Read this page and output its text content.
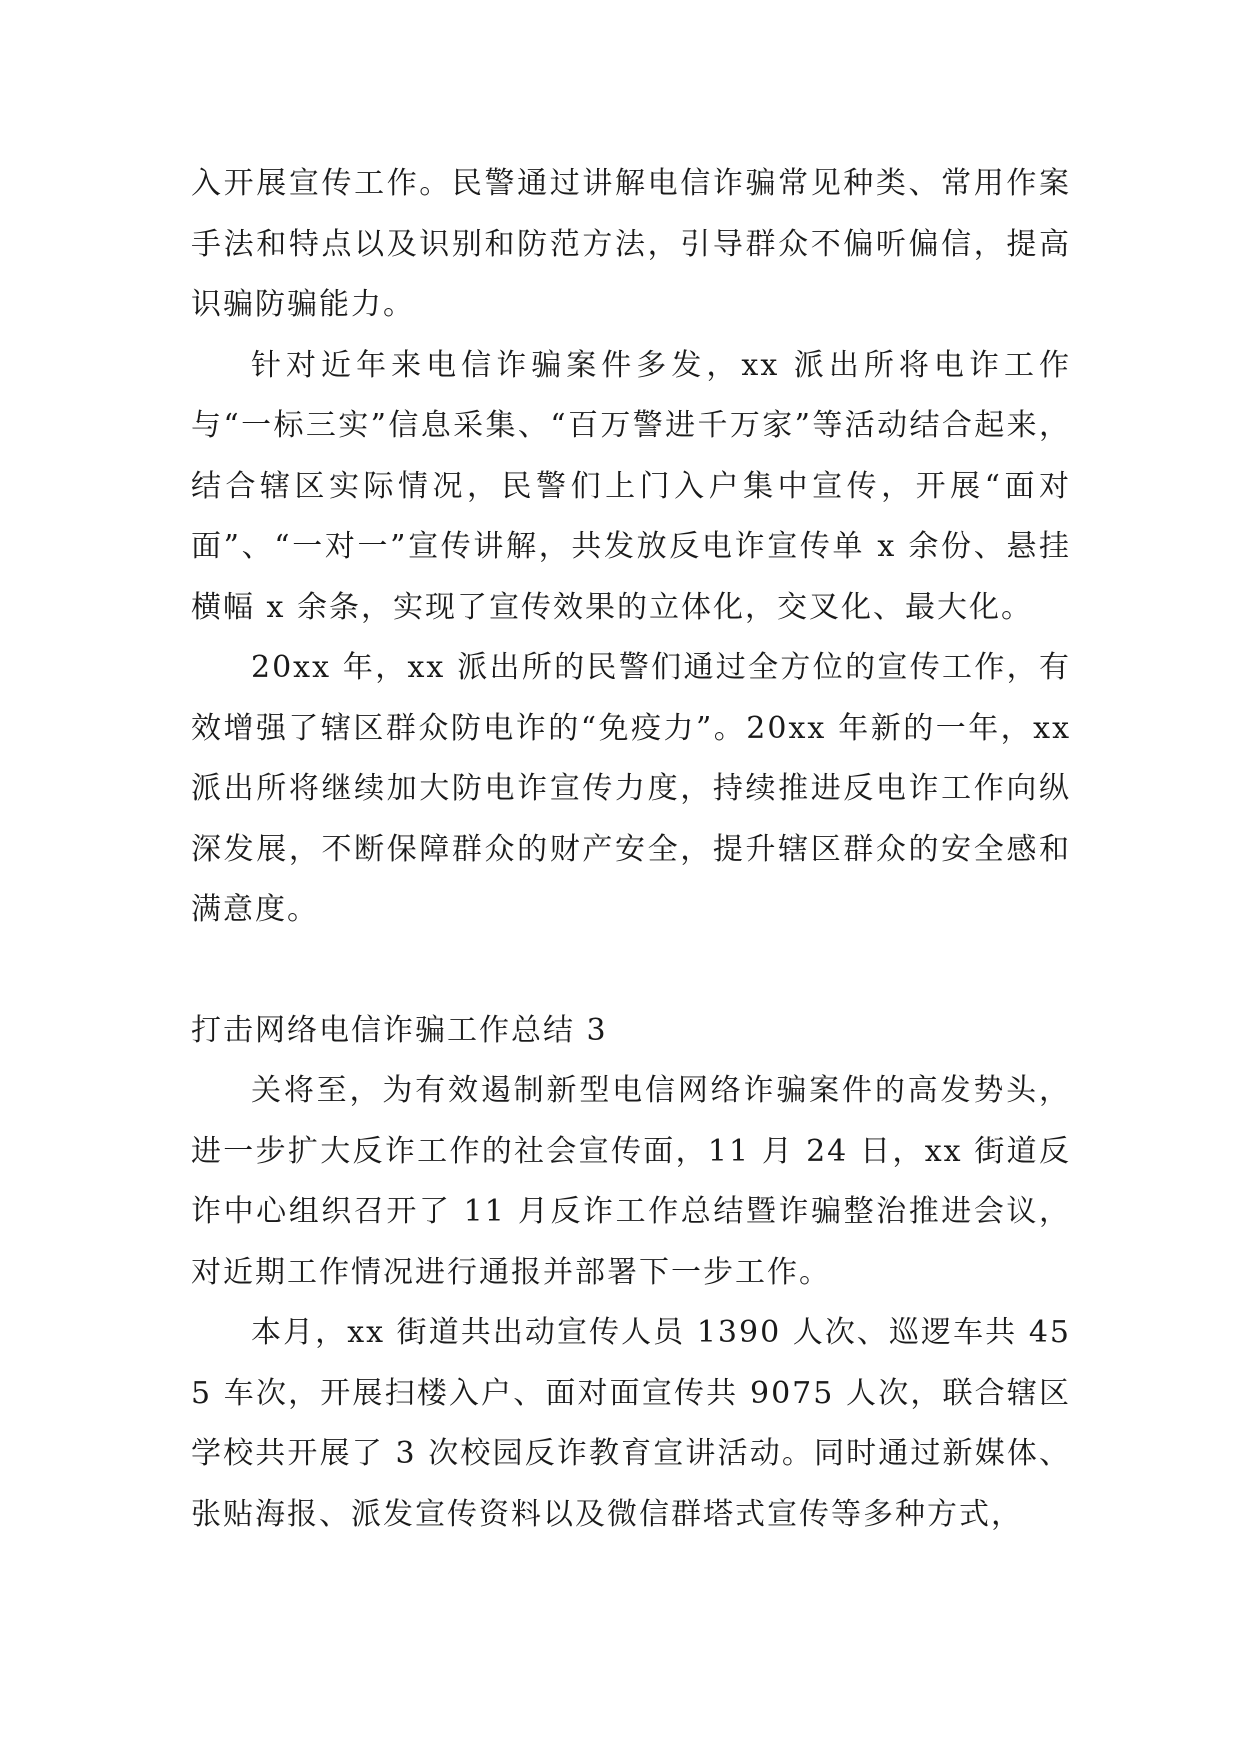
入开展宣传工作。民警通过讲解电信诈骗常见种类、常用作案手法和特点以及识别和防范方法，引导群众不偏听偏信，提高识骗防骗能力。

针对近年来电信诈骗案件多发，xx 派出所将电诈工作与“一标三实”信息采集、“百万警进千万家”等活动结合起来，结合辖区实际情况，民警们上门入户集中宣传，开展“面对面”、“一对一”宣传讲解，共发放反电诈宣传单 x 余份、悬挂横幅 x 余条，实现了宣传效果的立体化，交叉化、最大化。

20xx 年，xx 派出所的民警们通过全方位的宣传工作，有效增强了辖区群众防电诈的“免疫力”。20xx 年新的一年，xx 派出所将继续加大防电诈宣传力度，持续推进反电诈工作向纵深发展，不断保障群众的财产安全，提升辖区群众的安全感和满意度。

打击网络电信诈骗工作总结 3

关将至，为有效遏制新型电信网络诈骗案件的高发势头，进一步扩大反诈工作的社会宣传面，11 月 24 日，xx 街道反诈中心组织召开了 11 月反诈工作总结暨诈骗整治推进会议，对近期工作情况进行通报并部署下一步工作。

本月，xx 街道共出动宣传人员 1390 人次、巡逻车共 455 车次，开展扫楼入户、面对面宣传共 9075 人次，联合辖区学校共开展了 3 次校园反诈教育宣讲活动。同时通过新媒体、张贴海报、派发宣传资料以及微信群塔式宣传等多种方式，
